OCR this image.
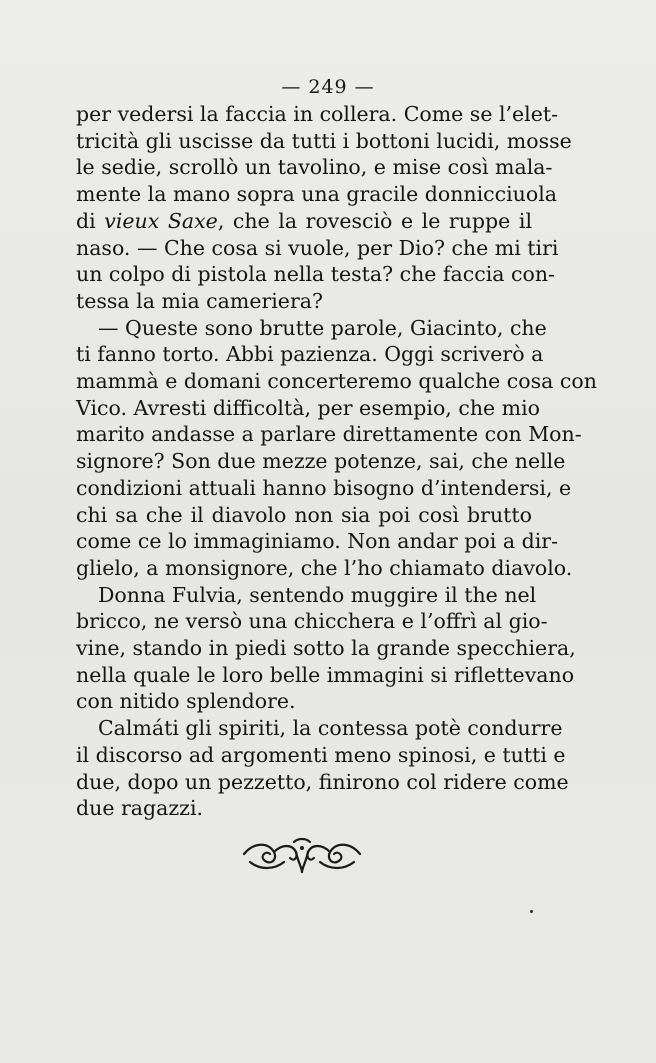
— 249 —
per vedersi la faccia in collera. Come se l’elet-
tricità gli uscisse da tutti i bottoni lucidi, mosse
le sedie, scrollò un tavolino, e mise così mala-
mente la mano sopra una gracile donnicciuola
di vieux Saxe, che la rovesciò e le ruppe il
naso. — Che cosa si vuole, per Dio? che mi tiri
un colpo di pistola nella testa? che faccia con-
tessa la mia cameriera?
— Queste sono brutte parole, Giacinto, che
ti fanno torto. Abbi pazienza. Oggi scriverò a
mammà e domani concerteremo qualche cosa con
Vico. Avresti difficoltà, per esempio, che mio
marito andasse a parlare direttamente con Mon-
signore? Son due mezze potenze, sai, che nelle
condizioni attuali hanno bisogno d’intendersi, e
chi sa che il diavolo non sia poi così brutto
come ce lo immaginiamo. Non andar poi a dir-
glielo, a monsignore, che l’ho chiamato diavolo.
Donna Fulvia, sentendo muggire il the nel
bricco, ne versò una chicchera e l’offrì al gio-
vine, stando in piedi sotto la grande specchiera,
nella quale le loro belle immagini si riflettevano
con nitido splendore.
Calmáti gli spiriti, la contessa potè condurre
il discorso ad argomenti meno spinosi, e tutti e
due, dopo un pezzetto, finirono col ridere come
due ragazzi.
